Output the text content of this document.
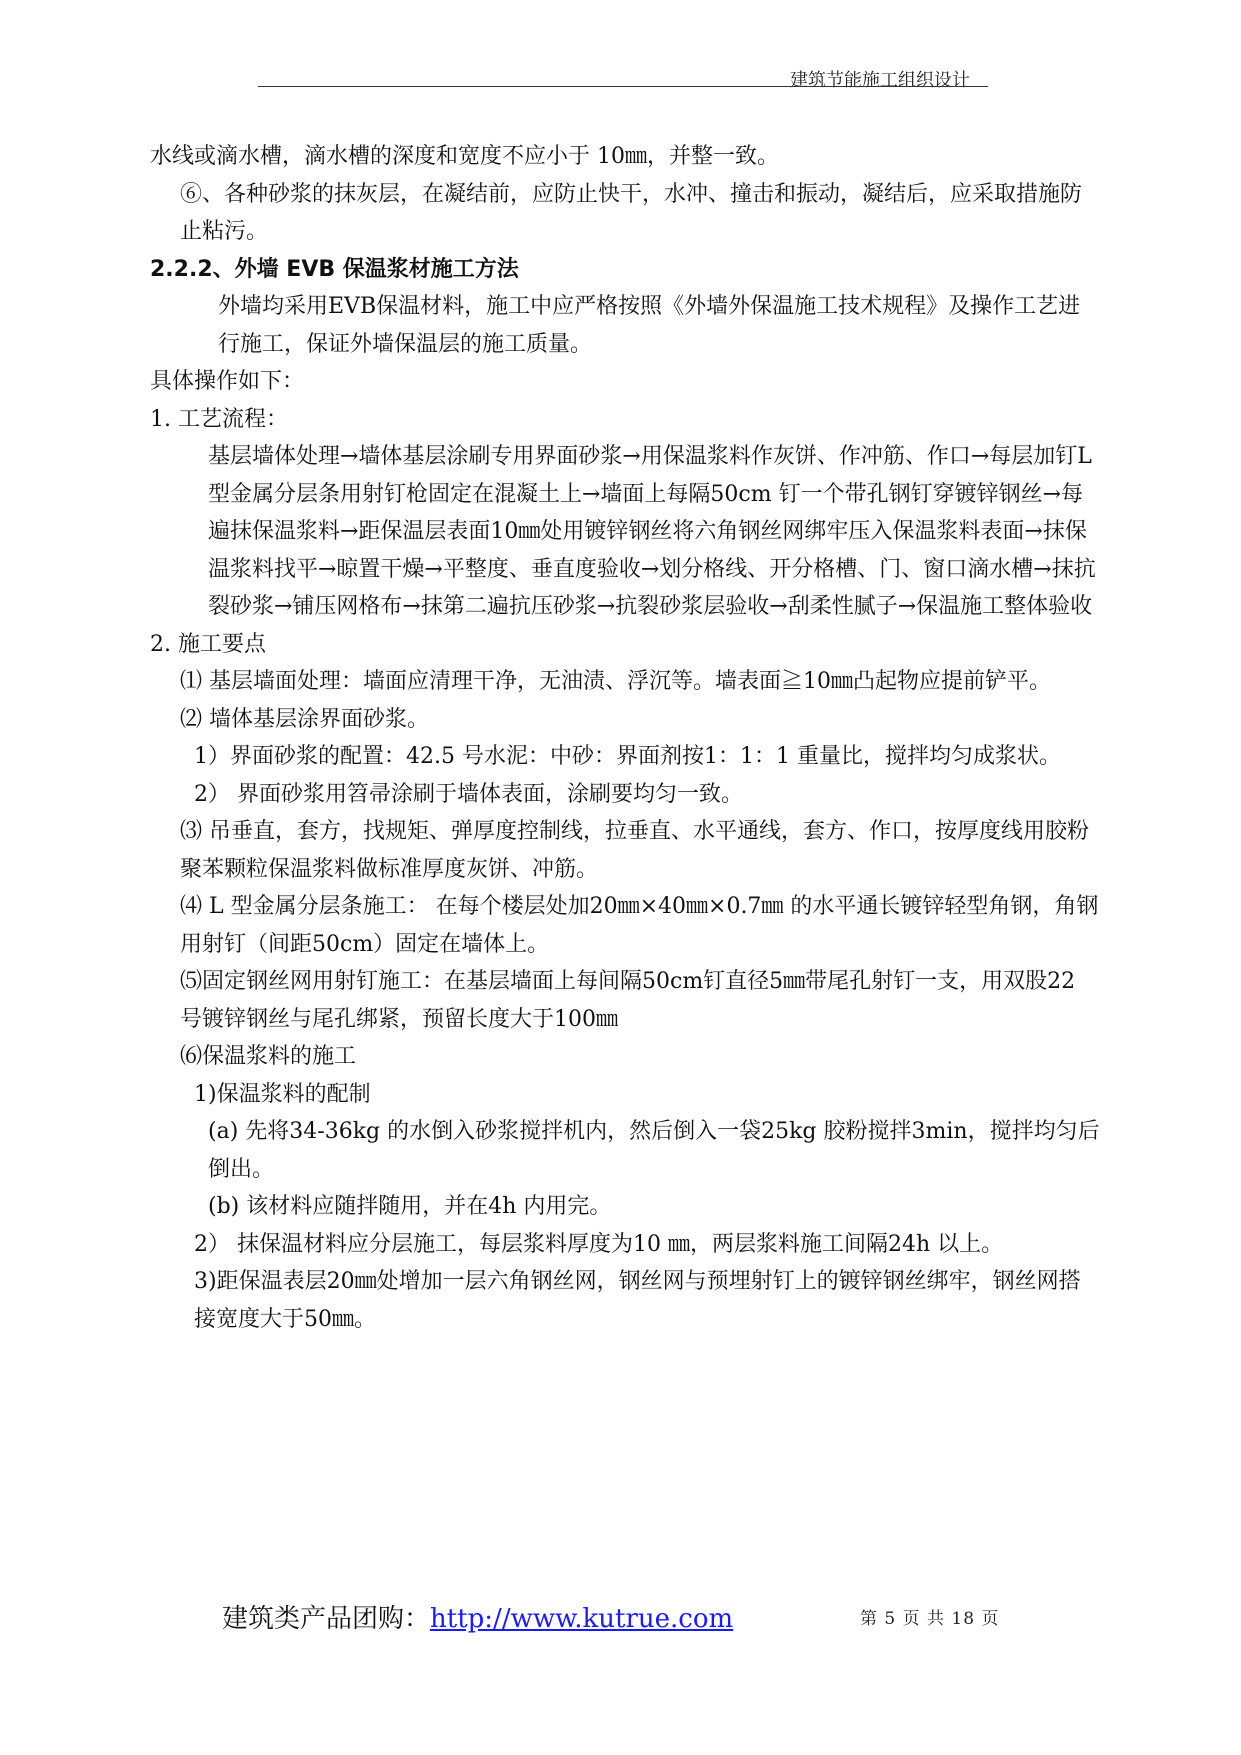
建筑节能施工组织设计

水线或滴水槽，滴水槽的深度和宽度不应小于 10㎜，并整一致。

⑥、各种砂浆的抹灰层，在凝结前，应防止快干，水冲、撞击和振动，凝结后，应采取措施防止粘污。

2.2.2、外墙 EVB 保温浆材施工方法

外墙均采用EVB保温材料，施工中应严格按照《外墙外保温施工技术规程》及操作工艺进行施工，保证外墙保温层的施工质量。

具体操作如下：

1. 工艺流程：

基层墙体处理→墙体基层涂刷专用界面砂浆→用保温浆料作灰饼、作冲筋、作口→每层加钉L型金属分层条用射钉枪固定在混凝土上→墙面上每隔50cm 钉一个带孔钢钉穿镀锌钢丝→每遍抹保温浆料→距保温层表面10㎜处用镀锌钢丝将六角钢丝网绑牢压入保温浆料表面→抹保温浆料找平→晾置干燥→平整度、垂直度验收→划分格线、开分格槽、门、窗口滴水槽→抹抗裂砂浆→铺压网格布→抹第二遍抗压砂浆→抗裂砂浆层验收→刮柔性腻子→保温施工整体验收

2. 施工要点

⑴ 基层墙面处理：墙面应清理干净，无油渍、浮沉等。墙表面≧10㎜凸起物应提前铲平。

⑵ 墙体基层涂界面砂浆。

1）界面砂浆的配置：42.5 号水泥：中砂：界面剂按1：1：1 重量比，搅拌均匀成浆状。

2） 界面砂浆用笤帚涂刷于墙体表面，涂刷要均匀一致。

⑶ 吊垂直，套方，找规矩、弹厚度控制线，拉垂直、水平通线，套方、作口，按厚度线用胶粉聚苯颗粒保温浆料做标准厚度灰饼、冲筋。

⑷ L 型金属分层条施工： 在每个楼层处加20㎜×40㎜×0.7㎜ 的水平通长镀锌轻型角钢，角钢用射钉（间距50cm）固定在墙体上。

⑸固定钢丝网用射钉施工：在基层墙面上每间隔50cm钉直径5㎜带尾孔射钉一支，用双股22 号镀锌钢丝与尾孔绑紧，预留长度大于100㎜

⑹保温浆料的施工

1)保温浆料的配制

(a) 先将34-36kg 的水倒入砂浆搅拌机内，然后倒入一袋25kg 胶粉搅拌3min，搅拌均匀后倒出。

(b) 该材料应随拌随用，并在4h 内用完。

2） 抹保温材料应分层施工，每层浆料厚度为10 ㎜，两层浆料施工间隔24h 以上。

3)距保温表层20㎜处增加一层六角钢丝网，钢丝网与预埋射钉上的镀锌钢丝绑牢，钢丝网搭接宽度大于50㎜。

建筑类产品团购：http://www.kutrue.com	第 5 页 共 18 页
